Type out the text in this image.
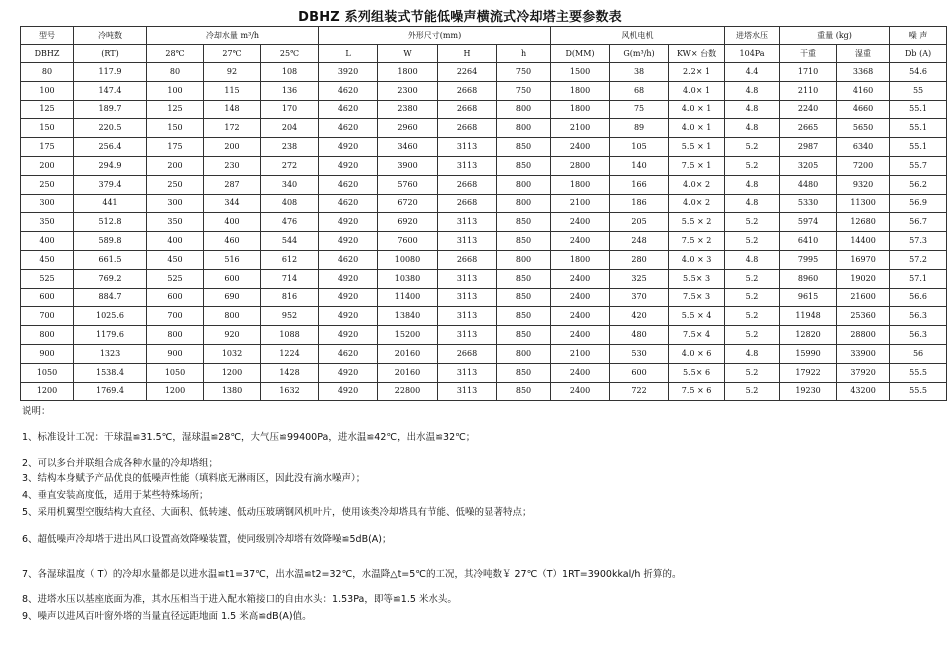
DBHZ 系列组装式节能低噪声横流式冷却塔主要参数表
型号	冷吨数	冷却水量 m³/h			外形尺寸(mm)				风机电机			进塔水压	重量 (kg)		噪 声
DBHZ	(RT)	28℃	27℃	25℃	L	W	H	h	D(MM)	G(m³/h)	KW× 台数	104Pa	干重	湿重	Db (A)
80	117.9	80	92	108	3920	1800	2264	750	1500	38	2.2× 1	4.4	1710	3368	54.6
100	147.4	100	115	136	4620	2300	2668	750	1800	68	4.0× 1	4.8	2110	4160	55
125	189.7	125	148	170	4620	2380	2668	800	1800	75	4.0 × 1	4.8	2240	4660	55.1
150	220.5	150	172	204	4620	2960	2668	800	2100	89	4.0 × 1	4.8	2665	5650	55.1
175	256.4	175	200	238	4920	3460	3113	850	2400	105	5.5 × 1	5.2	2987	6340	55.1
200	294.9	200	230	272	4920	3900	3113	850	2800	140	7.5 × 1	5.2	3205	7200	55.7
250	379.4	250	287	340	4620	5760	2668	800	1800	166	4.0× 2	4.8	4480	9320	56.2
300	441	300	344	408	4620	6720	2668	800	2100	186	4.0× 2	4.8	5330	11300	56.9
350	512.8	350	400	476	4920	6920	3113	850	2400	205	5.5 × 2	5.2	5974	12680	56.7
400	589.8	400	460	544	4920	7600	3113	850	2400	248	7.5 × 2	5.2	6410	14400	57.3
450	661.5	450	516	612	4620	10080	2668	800	1800	280	4.0 × 3	4.8	7995	16970	57.2
525	769.2	525	600	714	4920	10380	3113	850	2400	325	5.5× 3	5.2	8960	19020	57.1
600	884.7	600	690	816	4920	11400	3113	850	2400	370	7.5× 3	5.2	9615	21600	56.6
700	1025.6	700	800	952	4920	13840	3113	850	2400	420	5.5 × 4	5.2	11948	25360	56.3
800	1179.6	800	920	1088	4920	15200	3113	850	2400	480	7.5× 4	5.2	12820	28800	56.3
900	1323	900	1032	1224	4620	20160	2668	800	2100	530	4.0 × 6	4.8	15990	33900	56
1050	1538.4	1050	1200	1428	4920	20160	3113	850	2400	600	5.5× 6	5.2	17922	37920	55.5
1200	1769.4	1200	1380	1632	4920	22800	3113	850	2400	722	7.5 × 6	5.2	19230	43200	55.5
说明：
1、标准设计工况：干球温≌31.5℃，湿球温≌28℃，大气压≌99400Pa，进水温≌42℃，出水温≌32℃；
2、可以多台并联组合成各种水量的冷却塔组；
3、结构本身赋予产品优良的低噪声性能（填料底无淋雨区，因此没有滴水噪声）；
4、垂直安装高度低，适用于某些特殊场所；
5、采用机翼型空腹结构大直径、大面积、低转速、低动压玻璃钢风机叶片，使用该类冷却塔具有节能、低噪的显著特点；
6、超低噪声冷却塔于进出风口设置高效降噪装置，使同级别冷却塔有效降噪≌5dB(A)；
7、各湿球温度（ T）的冷却水量都是以进水温≌t1=37℃，出水温≌t2=32℃，水温降△t=5℃的工况，其冷吨数￥ 27℃（T）1RT=3900kkal/h 折算的。
8、进塔水压以基座底面为准，其水压相当于进入配水箱接口的自由水头：1.53Pa，即等≌1.5 米水头。
9、噪声以进风百叶窗外塔的当量直径远距地面 1.5 米高≌dB(A)值。
